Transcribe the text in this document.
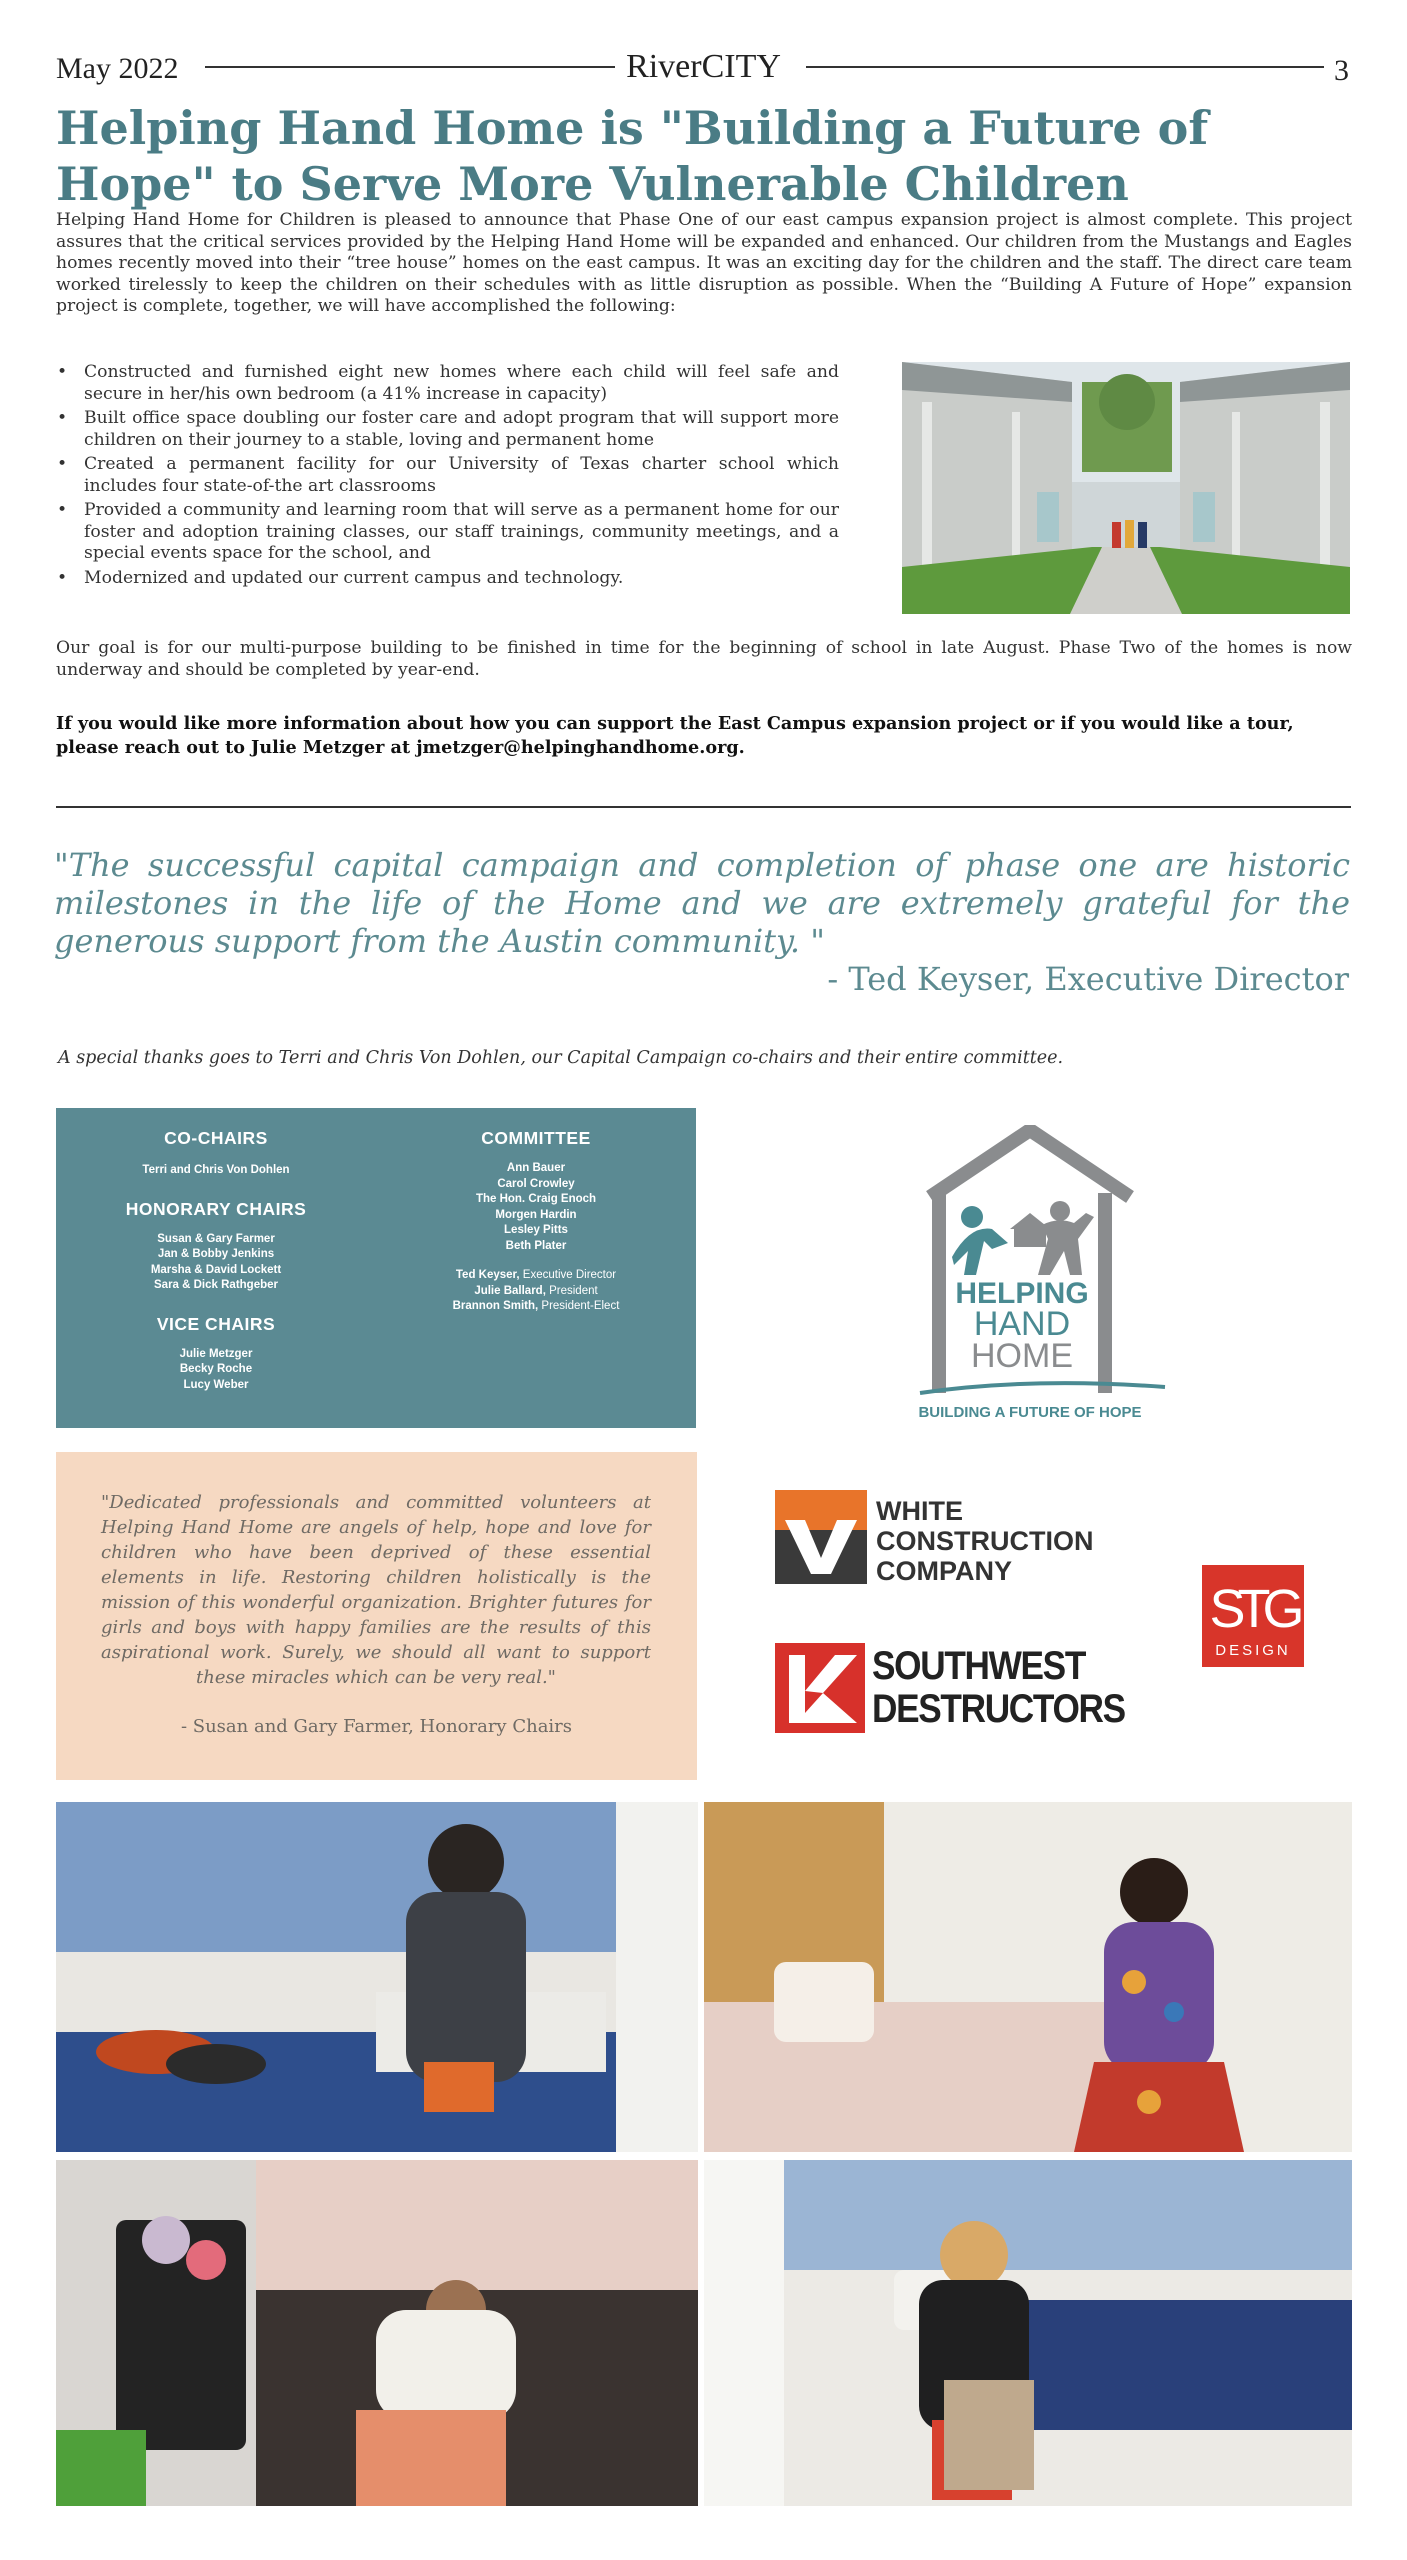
May 2022	RiverCITY	3
Helping Hand Home is "Building a Future of Hope" to Serve More Vulnerable Children
Helping Hand Home for Children is pleased to announce that Phase One of our east campus expansion project is almost complete. This project assures that the critical services provided by the Helping Hand Home will be expanded and enhanced. Our children from the Mustangs and Eagles homes recently moved into their “tree house” homes on the east campus. It was an exciting day for the children and the staff. The direct care team worked tirelessly to keep the children on their schedules with as little disruption as possible. When the “Building A Future of Hope” expansion project is complete, together, we will have accomplished the following:
• Constructed and furnished eight new homes where each child will feel safe and secure in her/his own bedroom (a 41% increase in capacity)
• Built office space doubling our foster care and adopt program that will support more children on their journey to a stable, loving and permanent home
• Created a permanent facility for our University of Texas charter school which includes four state-of-the art classrooms
• Provided a community and learning room that will serve as a permanent home for our foster and adoption training classes, our staff trainings, community meetings, and a special events space for the school, and
• Modernized and updated our current campus and technology.
Our goal is for our multi-purpose building to be finished in time for the beginning of school in late August. Phase Two of the homes is now underway and should be completed by year-end.
If you would like more information about how you can support the East Campus expansion project or if you would like a tour, please reach out to Julie Metzger at jmetzger@helpinghandhome.org.
"The successful capital campaign and completion of phase one are historic milestones in the life of the Home and we are extremely grateful for the generous support from the Austin community. "
- Ted Keyser, Executive Director
A special thanks goes to Terri and Chris Von Dohlen, our Capital Campaign co-chairs and their entire committee.
CO-CHAIRS
Terri and Chris Von Dohlen
HONORARY CHAIRS
Susan & Gary Farmer
Jan & Bobby Jenkins
Marsha & David Lockett
Sara & Dick Rathgeber
VICE CHAIRS
Julie Metzger
Becky Roche
Lucy Weber
COMMITTEE
Ann Bauer
Carol Crowley
The Hon. Craig Enoch
Morgen Hardin
Lesley Pitts
Beth Plater
Ted Keyser, Executive Director
Julie Ballard, President
Brannon Smith, President-Elect	HELPING
HAND
HOME
BUILDING A FUTURE OF HOPE
"Dedicated professionals and committed volunteers at Helping Hand Home are angels of help, hope and love for children who have been deprived of these essential elements in life. Restoring children holistically is the mission of this wonderful organization. Brighter futures for girls and boys with happy families are the results of this aspirational work. Surely, we should all want to support these miracles which can be very real."
- Susan and Gary Farmer, Honorary Chairs
WHITE
CONSTRUCTION
COMPANY
SOUTHWEST
DESTRUCTORS
STG
DESIGN
